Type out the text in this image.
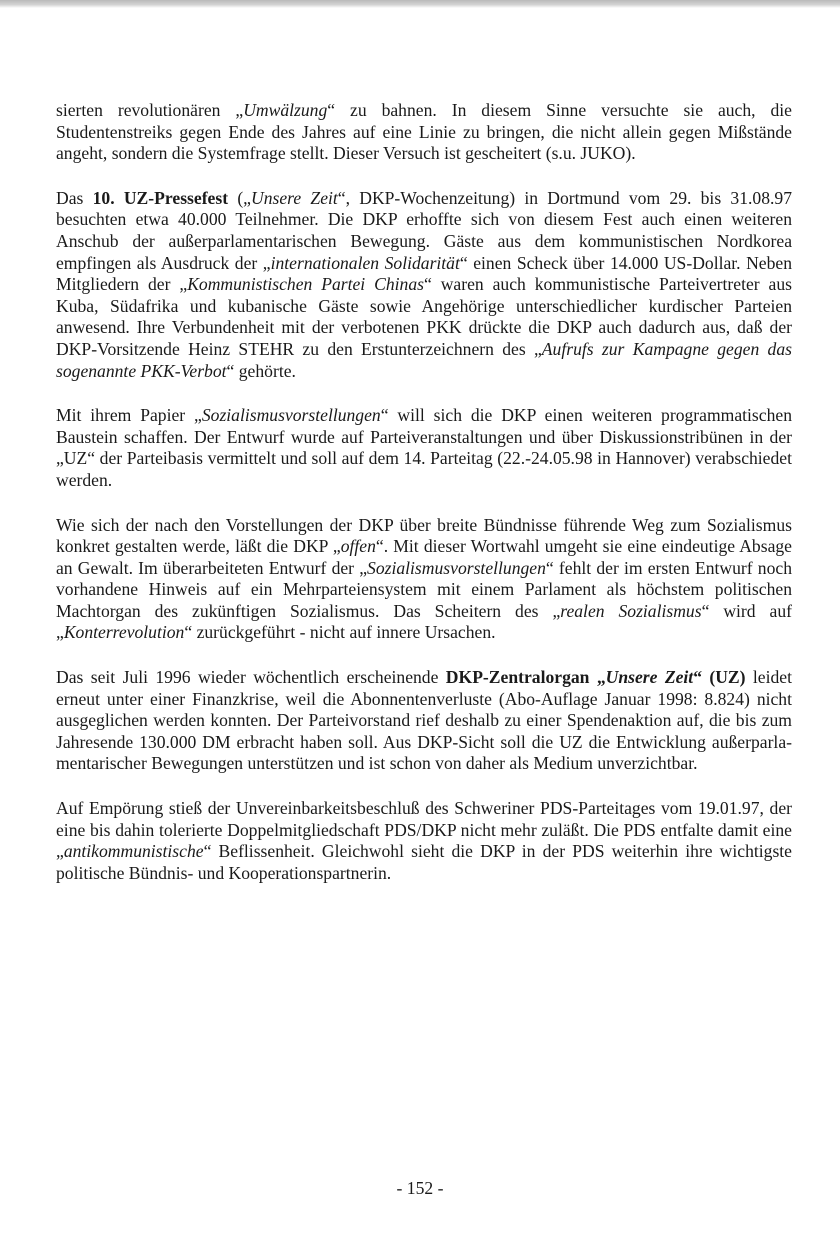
sierten revolutionären „Umwälzung“ zu bahnen. In diesem Sinne versuchte sie auch, die Studentenstreiks gegen Ende des Jahres auf eine Linie zu bringen, die nicht allein gegen Mißstände angeht, sondern die Systemfrage stellt. Dieser Versuch ist gescheitert (s.u. JUKO).

Das 10. UZ-Pressefest („Unsere Zeit“, DKP-Wochenzeitung) in Dortmund vom 29. bis 31.08.97 besuchten etwa 40.000 Teilnehmer. Die DKP erhoffte sich von diesem Fest auch einen weiteren Anschub der außerparlamentarischen Bewegung. Gäste aus dem kommunistischen Nordkorea empfingen als Ausdruck der „internationalen Solidarität“ einen Scheck über 14.000 US-Dollar. Neben Mitgliedern der „Kommunistischen Partei Chinas“ waren auch kommunistische Parteivertreter aus Kuba, Südafrika und kubanische Gäste sowie Angehörige unterschiedlicher kurdischer Parteien anwesend. Ihre Verbundenheit mit der verbotenen PKK drückte die DKP auch dadurch aus, daß der DKP-Vorsitzende Heinz STEHR zu den Erstunterzeichnern des „Aufrufs zur Kampagne gegen das sogenannte PKK-Verbot“ gehörte.

Mit ihrem Papier „Sozialismusvorstellungen“ will sich die DKP einen weiteren programmatischen Baustein schaffen. Der Entwurf wurde auf Parteiveranstaltungen und über Diskussionstribünen in der „UZ“ der Parteibasis vermittelt und soll auf dem 14. Parteitag (22.-24.05.98 in Hannover) verabschiedet werden.

Wie sich der nach den Vorstellungen der DKP über breite Bündnisse führende Weg zum Sozialismus konkret gestalten werde, läßt die DKP „offen“. Mit dieser Wortwahl umgeht sie eine eindeutige Absage an Gewalt. Im überarbeiteten Entwurf der „Sozialismusvorstellungen“ fehlt der im ersten Entwurf noch vorhandene Hinweis auf ein Mehrparteiensystem mit einem Parlament als höchstem politischen Machtorgan des zukünftigen Sozialismus. Das Scheitern des „realen Sozialismus“ wird auf „Konterrevolution“ zurückgeführt - nicht auf innere Ursachen.

Das seit Juli 1996 wieder wöchentlich erscheinende DKP-Zentralorgan „Unsere Zeit“ (UZ) leidet erneut unter einer Finanzkrise, weil die Abonnentenverluste (Abo-Auflage Januar 1998: 8.824) nicht ausgeglichen werden konnten. Der Parteivorstand rief deshalb zu einer Spendenaktion auf, die bis zum Jahresende 130.000 DM erbracht haben soll. Aus DKP-Sicht soll die UZ die Entwicklung außerparlamentarischer Bewegungen unterstützen und ist schon von daher als Medium unverzichtbar.

Auf Empörung stieß der Unvereinbarkeitsbeschluß des Schweriner PDS-Parteitages vom 19.01.97, der eine bis dahin tolerierte Doppelmitgliedschaft PDS/DKP nicht mehr zuläßt. Die PDS entfalte damit eine „antikommunistische“ Beflissenheit. Gleichwohl sieht die DKP in der PDS weiterhin ihre wichtigste politische Bündnis- und Kooperationspartnerin.

- 152 -
